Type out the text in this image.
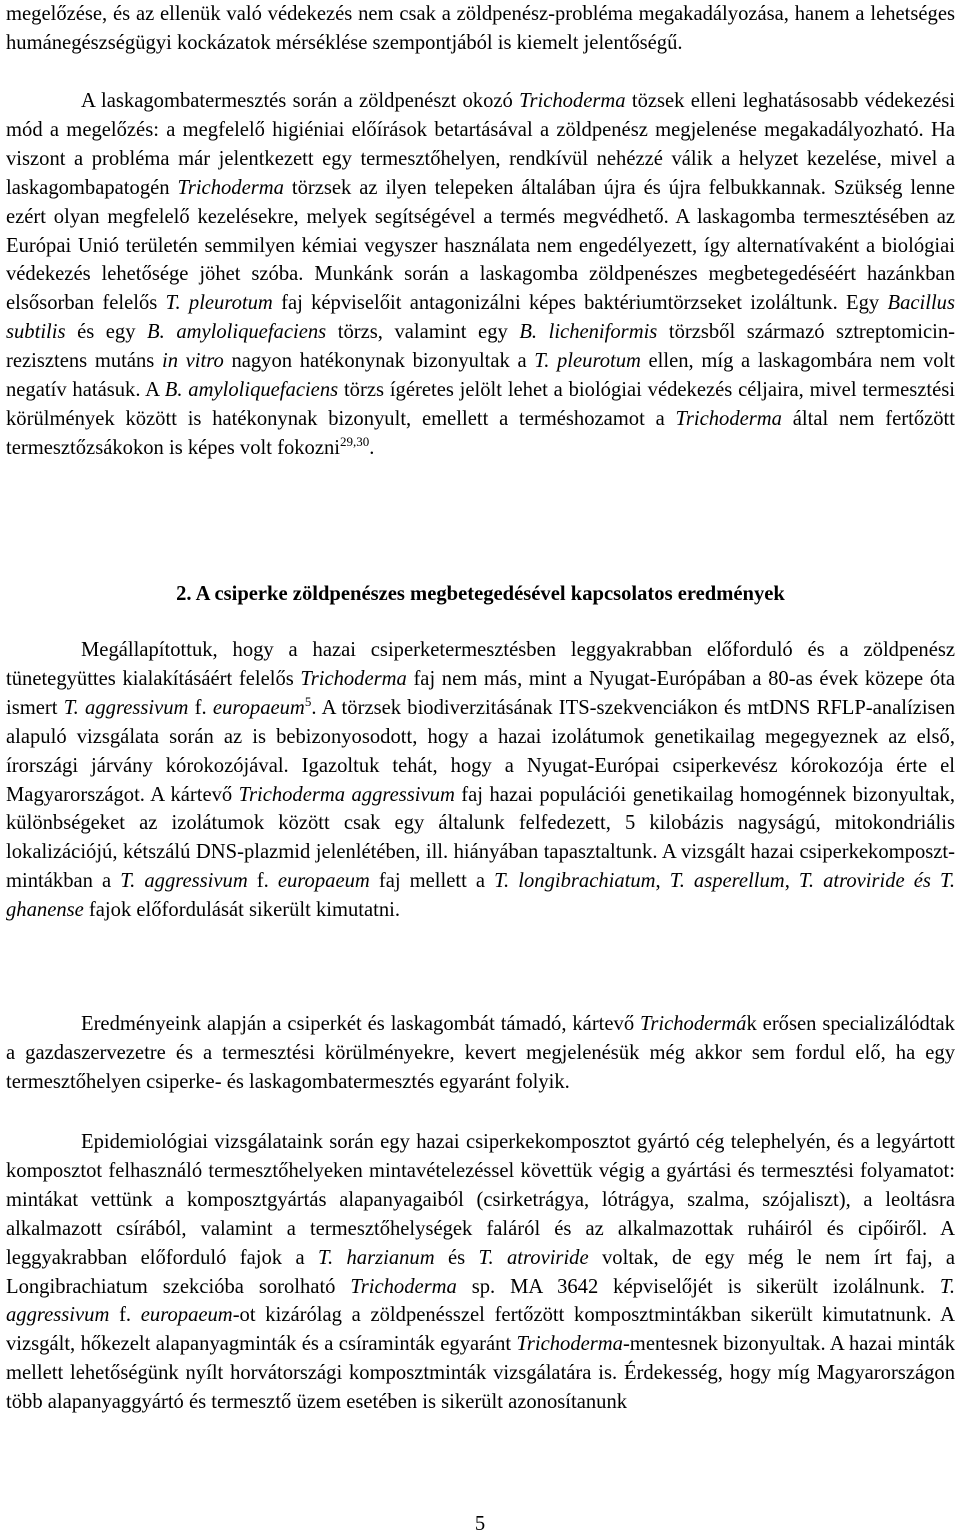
megelőzése, és az ellenük való védekezés nem csak a zöldpenész-probléma megakadályozása, hanem a lehetséges humánegészségügyi kockázatok mérséklése szempontjából is kiemelt jelentőségű.

A laskagombatermesztés során a zöldpenészt okozó Trichoderma tözsek elleni leghatásosabb védekezési mód a megelőzés: a megfelelő higiéniai előírások betartásával a zöldpenész megjelenése megakadályozható. Ha viszont a probléma már jelentkezett egy termesztőhelyen, rendkívül nehézzé válik a helyzet kezelése, mivel a laskagombapatogén Trichoderma törzsek az ilyen telepeken általában újra és újra felbukkannak. Szükség lenne ezért olyan megfelelő kezelésekre, melyek segítségével a termés megvédhető. A laskagomba termesztésében az Európai Unió területén semmilyen kémiai vegyszer használata nem engedélyezett, így alternatívaként a biológiai védekezés lehetősége jöhet szóba. Munkánk során a laskagomba zöldpenészes megbetegedéséért hazánkban elsősorban felelős T. pleurotum faj képviselőit antagonizálni képes baktériumtörzseket izoláltunk. Egy Bacillus subtilis és egy B. amyloliquefaciens törzs, valamint egy B. licheniformis törzsből származó sztreptomicin-rezisztens mutáns in vitro nagyon hatékonynak bizonyultak a T. pleurotum ellen, míg a laskagombára nem volt negatív hatásuk. A B. amyloliquefaciens törzs ígéretes jelölt lehet a biológiai védekezés céljaira, mivel termesztési körülmények között is hatékonynak bizonyult, emellett a terméshozamot a Trichoderma által nem fertőzött termesztőzsákokon is képes volt fokozni$^{29,30}$.

2. A csiperke zöldpenészes megbetegedésével kapcsolatos eredmények

Megállapítottuk, hogy a hazai csiperketermesztésben leggyakrabban előforduló és a zöldpenész tünetegyüttes kialakításáért felelős Trichoderma faj nem más, mint a Nyugat-Európában a 80-as évek közepe óta ismert T. aggressivum f. europaeum$^5$. A törzsek biodiverzitásának ITS-szekvenciákon és mtDNS RFLP-analízisen alapuló vizsgálata során az is bebizonyosodott, hogy a hazai izolátumok genetikailag megegyeznek az első, írországi járvány kórokozójával. Igazoltuk tehát, hogy a Nyugat-Európai csiperkevész kórokozója érte el Magyarországot. A kártevő Trichoderma aggressivum faj hazai populációi genetikailag homogénnek bizonyultak, különbségeket az izolátumok között csak egy általunk felfedezett, 5 kilobázis nagyságú, mitokondriális lokalizációjú, kétszálú DNS-plazmid jelenlétében, ill. hiányában tapasztaltunk. A vizsgált hazai csiperkekomposzt-mintákban a T. aggressivum f. europaeum faj mellett a T. longibrachiatum, T. asperellum, T. atroviride és T. ghanense fajok előfordulását sikerült kimutatni.

Eredményeink alapján a csiperkét és laskagombát támadó, kártevő Trichodermák erősen specializálódtak a gazdaszervezetre és a termesztési körülményekre, kevert megjelenésük még akkor sem fordul elő, ha egy termesztőhelyen csiperke- és laskagombatermesztés egyaránt folyik.

Epidemiológiai vizsgálataink során egy hazai csiperkekomposztot gyártó cég telephelyén, és a legyártott komposztot felhasználó termesztőhelyeken mintavételezéssel követtük végig a gyártási és termesztési folyamatot: mintákat vettünk a komposztgyártás alapanyagaiból (csirketrágya, lótrágya, szalma, szójaliszt), a leoltásra alkalmazott csírából, valamint a termesztőhelységek faláról és az alkalmazottak ruháiról és cipőiről. A leggyakrabban előforduló fajok a T. harzianum és T. atroviride voltak, de egy még le nem írt faj, a Longibrachiatum szekcióba sorolható Trichoderma sp. MA 3642 képviselőjét is sikerült izolálnunk. T. aggressivum f. europaeum-ot kizárólag a zöldpenésszel fertőzött komposztmintákban sikerült kimutatnunk. A vizsgált, hőkezelt alapanyagminták és a csíraminták egyaránt Trichoderma-mentesnek bizonyultak. A hazai minták mellett lehetőségünk nyílt horvátországi komposztminták vizsgálatára is. Érdekesség, hogy míg Magyarországon több alapanyaggyártó és termesztő üzem esetében is sikerült azonosítanunk

5
